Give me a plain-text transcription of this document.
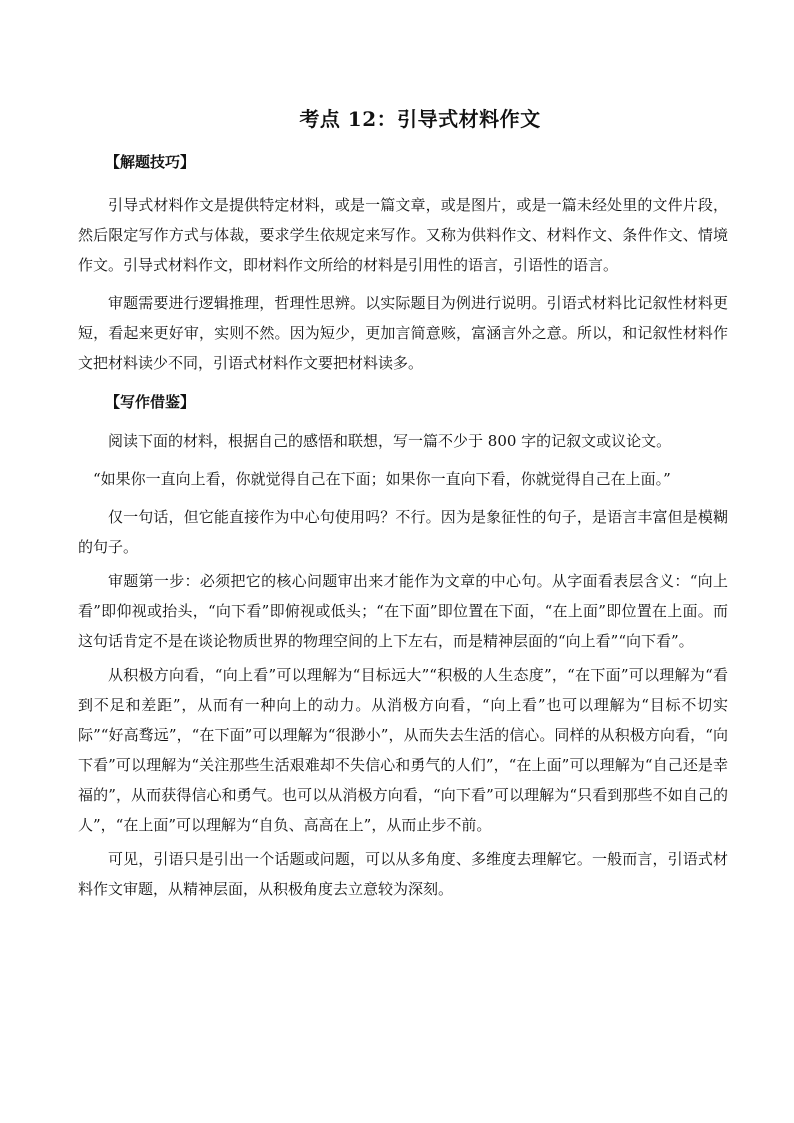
考点 12：引导式材料作文
【解题技巧】

引导式材料作文是提供特定材料，或是一篇文章，或是图片，或是一篇未经处里的文件片段，然后限定写作方式与体裁，要求学生依规定来写作。又称为供料作文、材料作文、条件作文、情境作文。引导式材料作文，即材料作文所给的材料是引用性的语言，引语性的语言。

审题需要进行逻辑推理，哲理性思辨。以实际题目为例进行说明。引语式材料比记叙性材料更短，看起来更好审，实则不然。因为短少，更加言简意赅，富涵言外之意。所以，和记叙性材料作文把材料读少不同，引语式材料作文要把材料读多。

【写作借鉴】

阅读下面的材料，根据自己的感悟和联想，写一篇不少于 800 字的记叙文或议论文。

“如果你一直向上看，你就觉得自己在下面；如果你一直向下看，你就觉得自己在上面。”

仅一句话，但它能直接作为中心句使用吗？不行。因为是象征性的句子，是语言丰富但是模糊的句子。

审题第一步：必须把它的核心问题审出来才能作为文章的中心句。从字面看表层含义：“向上看”即仰视或抬头，“向下看”即俯视或低头；“在下面”即位置在下面，“在上面”即位置在上面。而这句话肯定不是在谈论物质世界的物理空间的上下左右，而是精神层面的“向上看”“向下看”。

从积极方向看，“向上看”可以理解为“目标远大”“积极的人生态度”，“在下面”可以理解为“看到不足和差距”，从而有一种向上的动力。从消极方向看，“向上看”也可以理解为“目标不切实际”“好高骛远”，“在下面”可以理解为“很渺小”，从而失去生活的信心。同样的从积极方向看，“向下看”可以理解为“关注那些生活艰难却不失信心和勇气的人们”，“在上面”可以理解为“自己还是幸福的”，从而获得信心和勇气。也可以从消极方向看，“向下看”可以理解为“只看到那些不如自己的人”，“在上面”可以理解为“自负、高高在上”，从而止步不前。

可见，引语只是引出一个话题或问题，可以从多角度、多维度去理解它。一般而言，引语式材料作文审题，从精神层面，从积极角度去立意较为深刻。
